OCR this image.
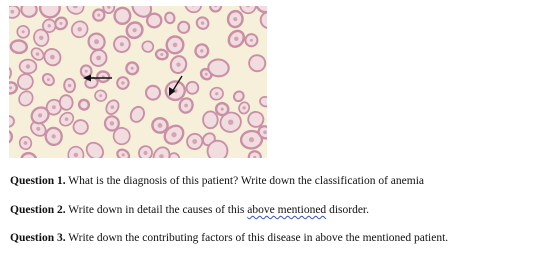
Question 1. What is the diagnosis of this patient? Write down the classification of anemia
Question 2. Write down in detail the causes of this above mentioned disorder.
Question 3. Write down the contributing factors of this disease in above the mentioned patient.
